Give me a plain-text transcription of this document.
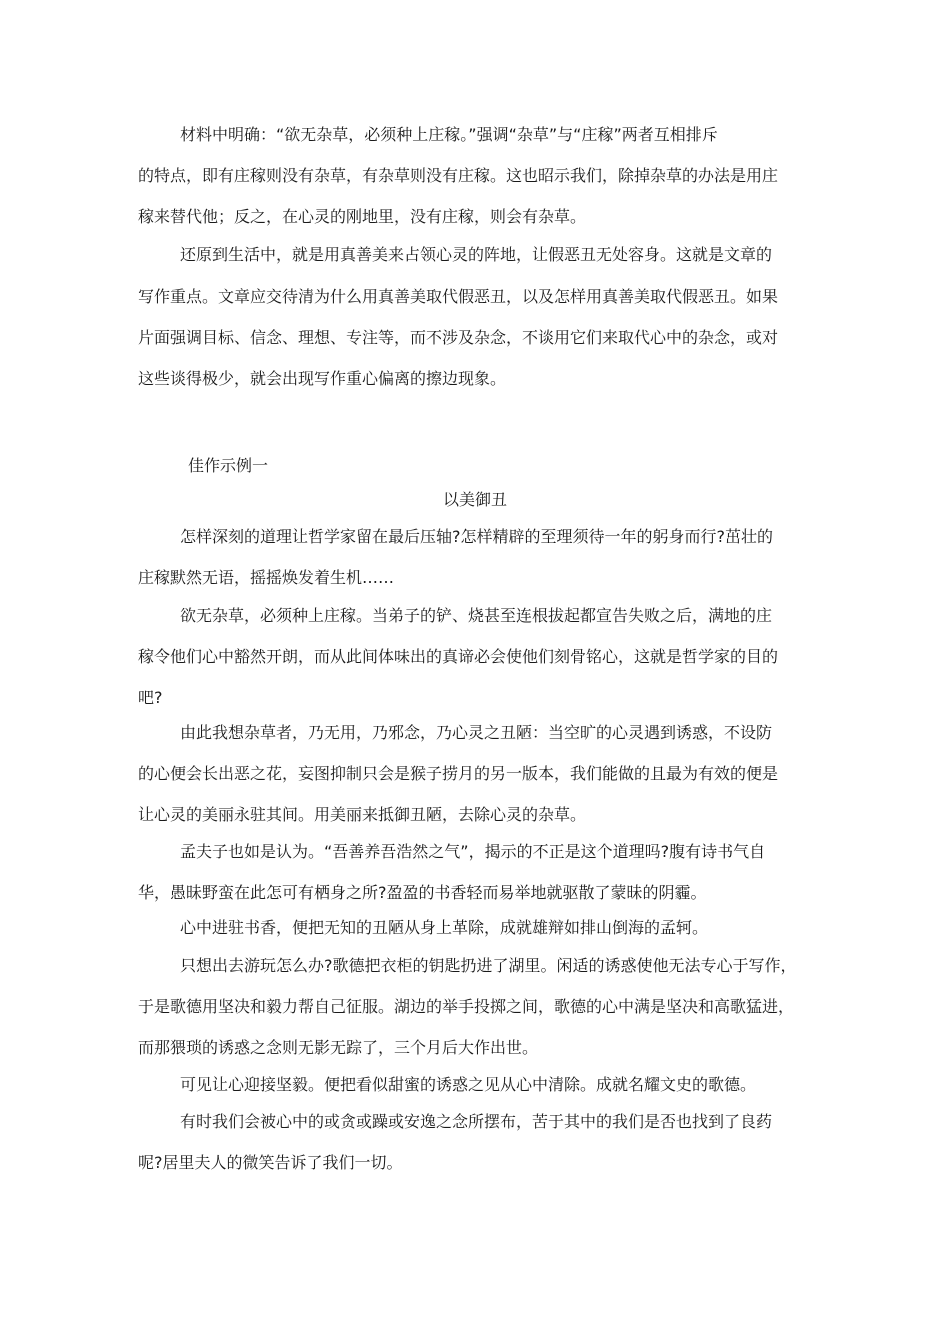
材料中明确：“欲无杂草，必须种上庄稼。”强调“杂草”与“庄稼”两者互相排斥
的特点，即有庄稼则没有杂草，有杂草则没有庄稼。这也昭示我们，除掉杂草的办法是用庄
稼来替代他；反之，在心灵的刚地里，没有庄稼，则会有杂草。
还原到生活中，就是用真善美来占领心灵的阵地，让假恶丑无处容身。这就是文章的
写作重点。文章应交待清为什么用真善美取代假恶丑，以及怎样用真善美取代假恶丑。如果
片面强调目标、信念、理想、专注等，而不涉及杂念，不谈用它们来取代心中的杂念，或对
这些谈得极少，就会出现写作重心偏离的擦边现象。
佳作示例一
以美御丑
怎样深刻的道理让哲学家留在最后压轴?怎样精辟的至理须待一年的躬身而行?茁壮的
庄稼默然无语，摇摇焕发着生机……
欲无杂草，必须种上庄稼。当弟子的铲、烧甚至连根拔起都宣告失败之后，满地的庄
稼令他们心中豁然开朗，而从此间体味出的真谛必会使他们刻骨铭心，这就是哲学家的目的
吧?
由此我想杂草者，乃无用，乃邪念，乃心灵之丑陋：当空旷的心灵遇到诱惑，不设防
的心便会长出恶之花，妄图抑制只会是猴子捞月的另一版本，我们能做的且最为有效的便是
让心灵的美丽永驻其间。用美丽来抵御丑陋，去除心灵的杂草。
孟夫子也如是认为。“吾善养吾浩然之气”，揭示的不正是这个道理吗?腹有诗书气自
华，愚昧野蛮在此怎可有栖身之所?盈盈的书香轻而易举地就驱散了蒙昧的阴霾。
心中进驻书香，便把无知的丑陋从身上革除，成就雄辩如排山倒海的孟轲。
只想出去游玩怎么办?歌德把衣柜的钥匙扔进了湖里。闲适的诱惑使他无法专心于写作，
于是歌德用坚决和毅力帮自己征服。湖边的举手投掷之间，歌德的心中满是坚决和高歌猛进，
而那猥琐的诱惑之念则无影无踪了，三个月后大作出世。
可见让心迎接坚毅。便把看似甜蜜的诱惑之见从心中清除。成就名耀文史的歌德。
有时我们会被心中的或贪或躁或安逸之念所摆布，苦于其中的我们是否也找到了良药
呢?居里夫人的微笑告诉了我们一切。
